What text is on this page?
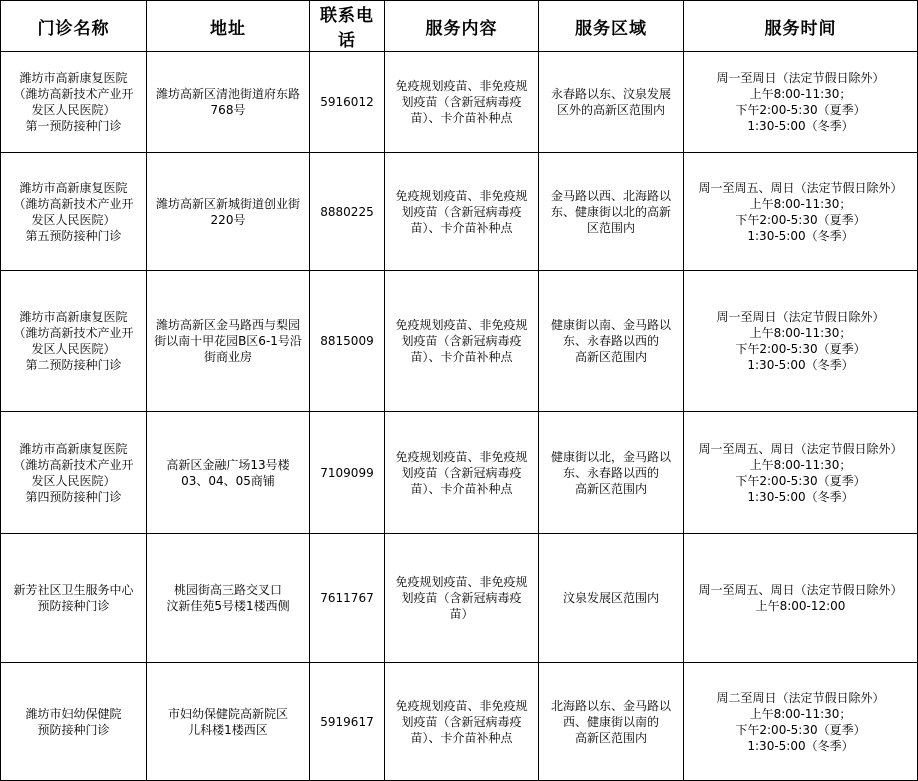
门诊名称	地址	联系电话	服务内容	服务区域	服务时间

潍坊市高新康复医院
（潍坊高新技术产业开
发区人民医院）
第一预防接种门诊	潍坊高新区清池街道府东路
768号	5916012	免疫规划疫苗、非免疫规
划疫苗（含新冠病毒疫
苗）、卡介苗补种点	永春路以东、汶泉发展
区外的高新区范围内	周一至周日（法定节假日除外）
上午8:00-11:30；
下午2:00-5:30（夏季）
1:30-5:00（冬季）

潍坊市高新康复医院
（潍坊高新技术产业开
发区人民医院）
第五预防接种门诊	潍坊高新区新城街道创业街
220号	8880225	免疫规划疫苗、非免疫规
划疫苗（含新冠病毒疫
苗）、卡介苗补种点	金马路以西、北海路以
东、健康街以北的高新
区范围内	周一至周五、周日（法定节假日除外）
上午8:00-11:30；
下午2:00-5:30（夏季）
1:30-5:00（冬季）

潍坊市高新康复医院
（潍坊高新技术产业开
发区人民医院）
第二预防接种门诊	潍坊高新区金马路西与梨园
街以南十甲花园B区6-1号沿
街商业房	8815009	免疫规划疫苗、非免疫规
划疫苗（含新冠病毒疫
苗）、卡介苗补种点	健康街以南、金马路以
东、永春路以西的
高新区范围内	周一至周日（法定节假日除外）
上午8:00-11:30；
下午2:00-5:30（夏季）
1:30-5:00（冬季）

潍坊市高新康复医院
（潍坊高新技术产业开
发区人民医院）
第四预防接种门诊	高新区金融广场13号楼
03、04、05商铺	7109099	免疫规划疫苗、非免疫规
划疫苗（含新冠病毒疫
苗）、卡介苗补种点	健康街以北，金马路以
东、永春路以西的
高新区范围内	周一至周五、周日（法定节假日除外）
上午8:00-11:30；
下午2:00-5:30（夏季）
1:30-5:00（冬季）

新芳社区卫生服务中心
预防接种门诊	桃园街高三路交叉口
汶新佳苑5号楼1楼西侧	7611767	免疫规划疫苗、非免疫规
划疫苗（含新冠病毒疫
苗）	汶泉发展区范围内	周一至周五、周日（法定节假日除外）
上午8:00-12:00

潍坊市妇幼保健院
预防接种门诊	市妇幼保健院高新院区
儿科楼1楼西区	5919617	免疫规划疫苗、非免疫规
划疫苗（含新冠病毒疫
苗）、卡介苗补种点	北海路以东、金马路以
西、健康街以南的
高新区范围内	周二至周日（法定节假日除外）
上午8:00-11:30；
下午2:00-5:30（夏季）
1:30-5:00（冬季）
